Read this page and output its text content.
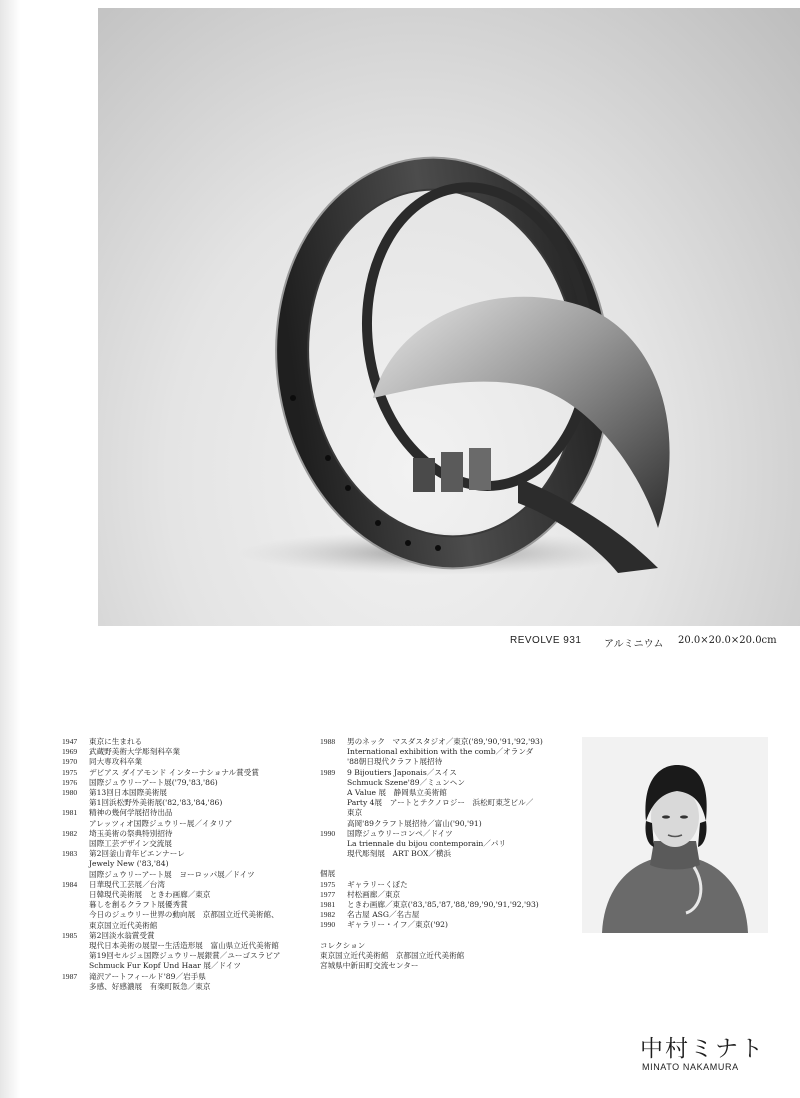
REVOLVE 931 アルミニウム 20.0×20.0×20.0cm
1947	東京に生まれる
1969	武蔵野美術大学彫刻科卒業
1970	同大専攻科卒業
1975	デビアス ダイアモンド インターナショナル賞受賞
1976	国際ジュウリーアート展('79,'83,'86)
1980	第13回日本国際美術展
第1回浜松野外美術展('82,'83,'84,'86)
1981	精神の幾何学展招待出品
アレッツィオ国際ジュウリー展／イタリア
1982	埼玉美術の祭典特別招待
国際工芸デザイン交流展
1983	第2回釜山青年ビエンナーレ
Jewely New ('83,'84)
国際ジュウリーアート展　ヨーロッパ展／ドイツ
1984	日華現代工芸展／台湾
日韓現代美術展　ときわ画廊／東京
暮しを創るクラフト展優秀賞
今日のジュウリー世界の動向展　京都国立近代美術館、
東京国立近代美術館
1985	第2回淡水翁賞受賞
現代日本美術の展望ー生活造形展　富山県立近代美術館
第19回セルジュ国際ジュウリー展銀賞／ユーゴスラビア
Schmuck Fur Kopf Und Haar 展／ドイツ
1987	滝沢アートフィールド'89／岩手県
多感、好感濃展　有楽町阪急／東京
1988	男のネック　マスダスタジオ／東京('89,'90,'91,'92,'93)
International exhibition with the comb／オランダ
'88朝日現代クラフト展招待
1989	9 Bijoutiers Japonais／スイス
Schmuck Szene'89／ミュンヘン
A Value 展　静岡県立美術館
Party 4展　アートとテクノロジー　浜松町東芝ビル／
東京
高岡'89クラフト展招待／富山('90,'91)
1990	国際ジュウリーコンペ／ドイツ
La triennale du bijou contemporain／パリ
現代彫刻展　ART BOX／横浜
個展
1975	ギャラリーくぼた
1977	村松画廊／東京
1981	ときわ画廊／東京('83,'85,'87,'88,'89,'90,'91,'92,'93)
1982	名古屋 ASG／名古屋
1990	ギャラリー・イフ／東京('92)
コレクション
東京国立近代美術館　京都国立近代美術館
宮城県中新田町交流センター
中村ミナト
MINATO NAKAMURA
